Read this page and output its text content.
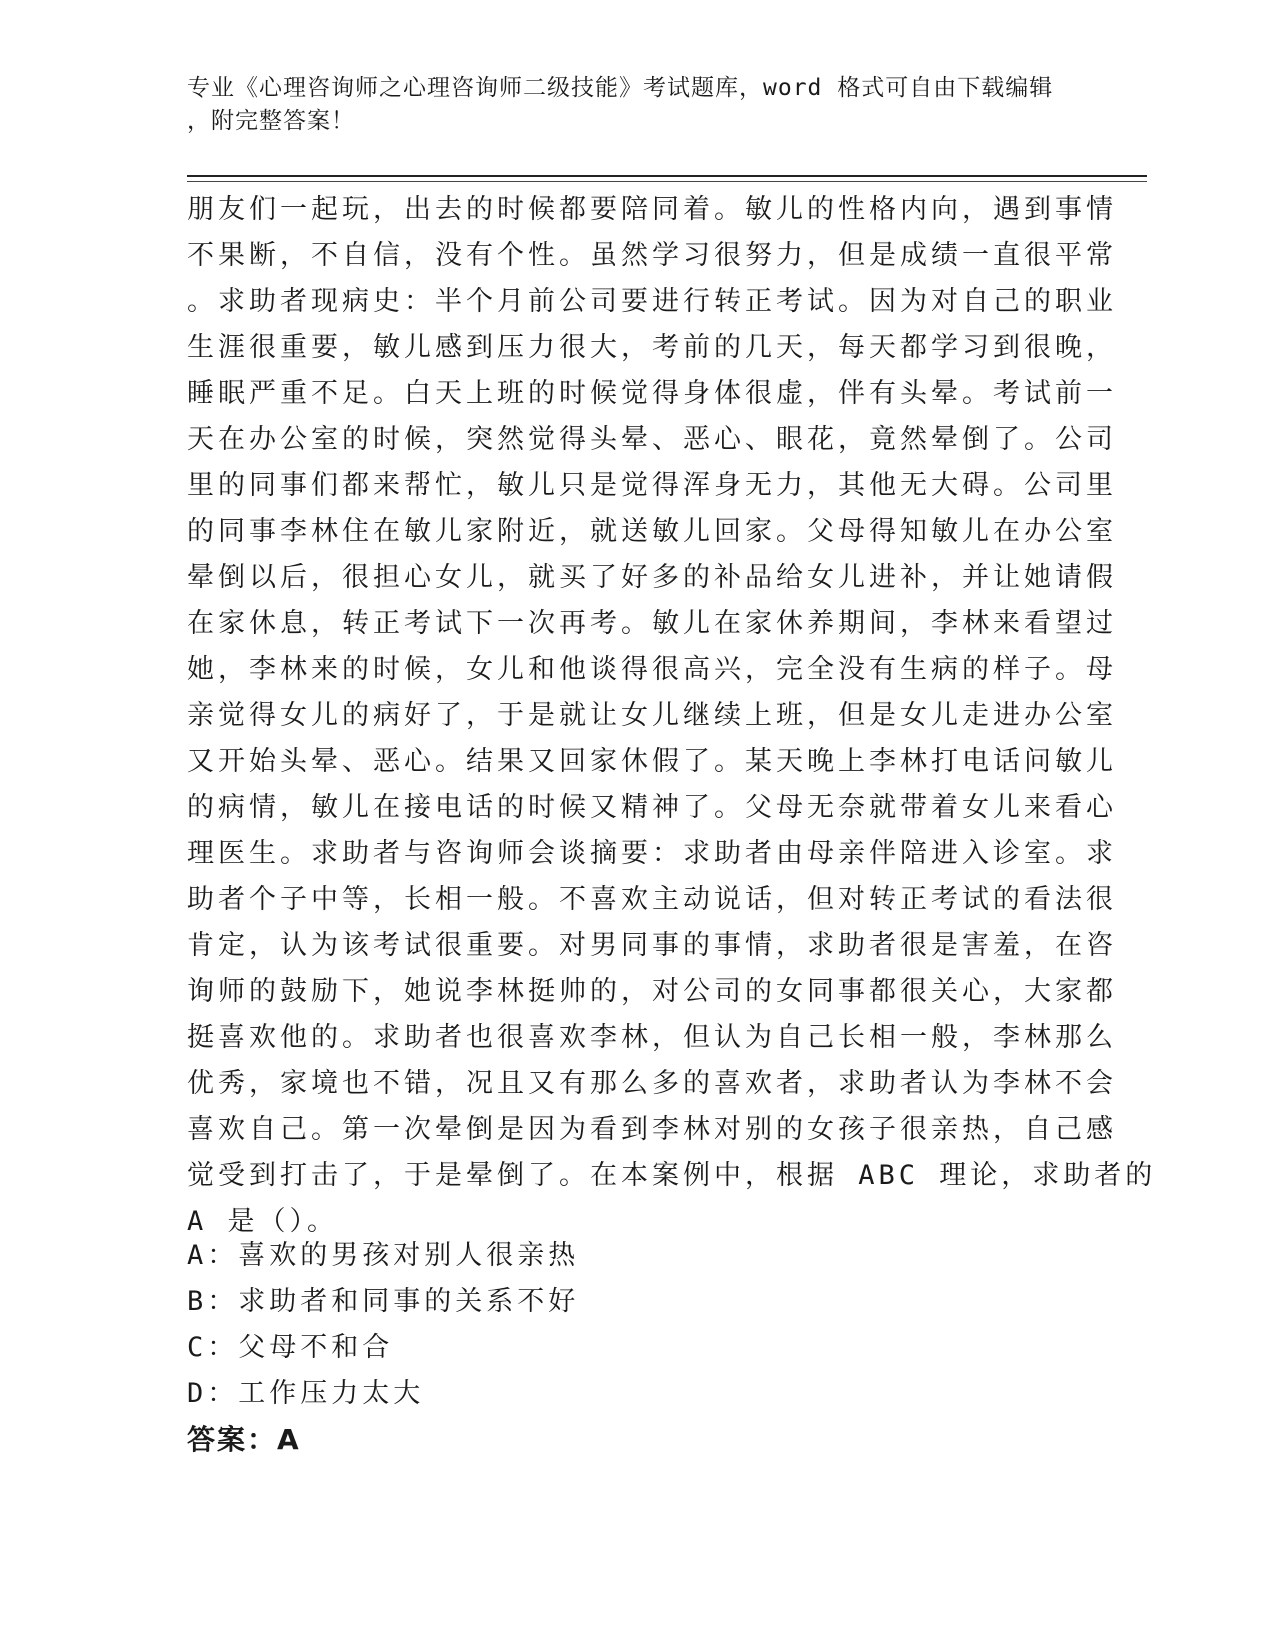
专业《心理咨询师之心理咨询师二级技能》考试题库，word 格式可自由下载编辑
，附完整答案！
朋友们一起玩，出去的时候都要陪同着。敏儿的性格内向，遇到事情
不果断，不自信，没有个性。虽然学习很努力，但是成绩一直很平常
。求助者现病史：半个月前公司要进行转正考试。因为对自己的职业
生涯很重要，敏儿感到压力很大，考前的几天，每天都学习到很晚，
睡眠严重不足。白天上班的时候觉得身体很虚，伴有头晕。考试前一
天在办公室的时候，突然觉得头晕、恶心、眼花，竟然晕倒了。公司
里的同事们都来帮忙，敏儿只是觉得浑身无力，其他无大碍。公司里
的同事李林住在敏儿家附近，就送敏儿回家。父母得知敏儿在办公室
晕倒以后，很担心女儿，就买了好多的补品给女儿进补，并让她请假
在家休息，转正考试下一次再考。敏儿在家休养期间，李林来看望过
她，李林来的时候，女儿和他谈得很高兴，完全没有生病的样子。母
亲觉得女儿的病好了，于是就让女儿继续上班，但是女儿走进办公室
又开始头晕、恶心。结果又回家休假了。某天晚上李林打电话问敏儿
的病情，敏儿在接电话的时候又精神了。父母无奈就带着女儿来看心
理医生。求助者与咨询师会谈摘要：求助者由母亲伴陪进入诊室。求
助者个子中等，长相一般。不喜欢主动说话，但对转正考试的看法很
肯定，认为该考试很重要。对男同事的事情，求助者很是害羞，在咨
询师的鼓励下，她说李林挺帅的，对公司的女同事都很关心，大家都
挺喜欢他的。求助者也很喜欢李林，但认为自己长相一般，李林那么
优秀，家境也不错，况且又有那么多的喜欢者，求助者认为李林不会
喜欢自己。第一次晕倒是因为看到李林对别的女孩子很亲热，自己感
觉受到打击了，于是晕倒了。在本案例中，根据 ABC 理论，求助者的
A 是（）。
A：喜欢的男孩对别人很亲热
B：求助者和同事的关系不好
C：父母不和合
D：工作压力太大
答案：A
